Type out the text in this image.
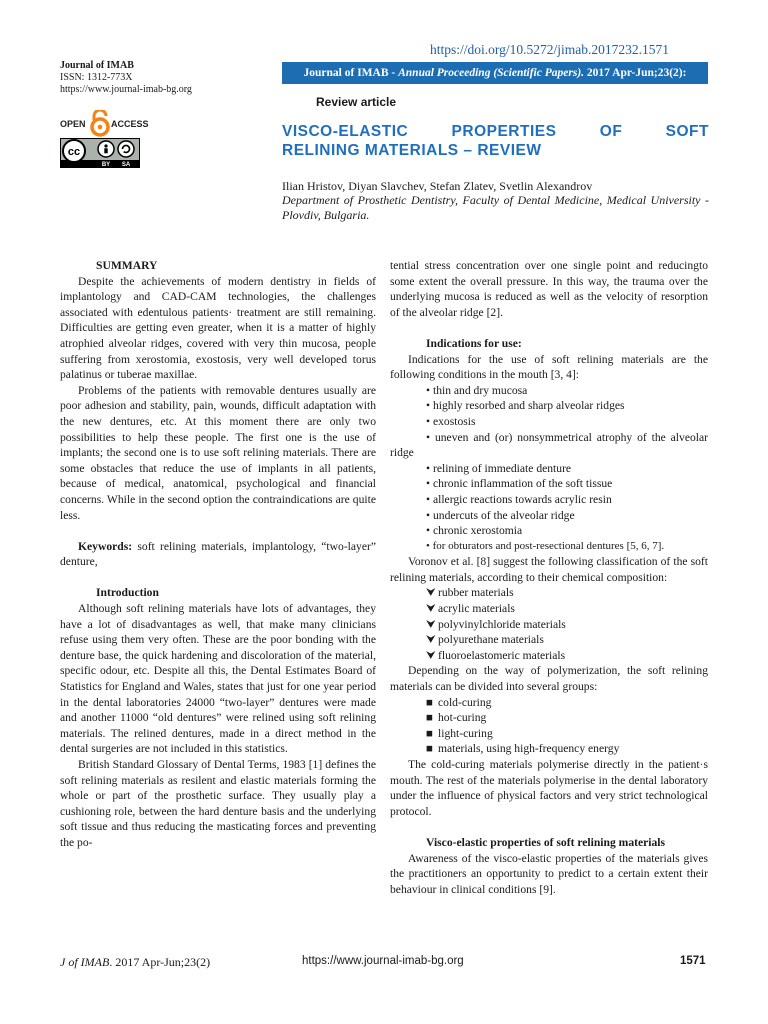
https://doi.org/10.5272/jimab.2017232.1571
Journal of IMAB - Annual Proceeding (Scientific Papers). 2017 Apr-Jun;23(2):
Journal of IMAB
ISSN: 1312-773X
https://www.journal-imab-bg.org
OPEN	ACCESS
cc
BY SA
Review article
VISCO-ELASTIC	PROPERTIES	OF	SOFT
RELINING MATERIALS – REVIEW
Ilian Hristov, Diyan Slavchev, Stefan Zlatev, Svetlin Alexandrov
Department of Prosthetic Dentistry, Faculty of Dental Medicine, Medical University - Plovdiv, Bulgaria.

SUMMARY

Despite the achievements of modern dentistry in fields of implantology and CAD-CAM technologies, the challenges associated with edentulous patients· treatment are still remaining. Difficulties are getting even greater, when it is a matter of highly atrophied alveolar ridges, covered with very thin mucosa, people suffering from xerostomia, exostosis, very well developed torus palatinus or tuberae maxillae.

Problems of the patients with removable dentures usually are poor adhesion and stability, pain, wounds, difficult adaptation with the new dentures, etc. At this moment there are only two possibilities to help these people. The first one is the use of implants; the second one is to use soft relining materials. There are some obstacles that reduce the use of implants in all patients, because of medical, anatomical, psychological and financial concerns. While in the second option the contraindications are quite less.

Keywords: soft relining materials, implantology, “two-layer” denture,

Introduction

Although soft relining materials have lots of advantages, they have a lot of disadvantages as well, that make many clinicians refuse using them very often. These are the poor bonding with the denture base, the quick hardening and discoloration of the material, specific odour, etc. Despite all this, the Dental Estimates Board of Statistics for England and Wales, states that just for one year period in the dental laboratories 24000 “two-layer” dentures were made and another 11000 “old dentures” were relined using soft relining materials. The relined dentures, made in a direct method in the dental surgeries are not included in this statistics.

British Standard Glossary of Dental Terms, 1983 [1] defines the soft relining materials as resilent and elastic materials forming the whole or part of the prosthetic surface. They usually play a cushioning role, between the hard denture basis and the underlying soft tissue and thus reducing the masticating forces and preventing the po-

tential stress concentration over one single point and reducingto some extent the overall pressure. In this way, the trauma over the underlying mucosa is reduced as well as the velocity of resorption of the alveolar ridge [2].

Indications for use:

Indications for the use of soft relining materials are the following conditions in the mouth [3, 4]:

• thin and dry mucosa

• highly resorbed and sharp alveolar ridges

• exostosis

• uneven and (or) nonsymmetrical atrophy of the alveolar ridge

• relining of immediate denture

• chronic inflammation of the soft tissue

• allergic reactions towards acrylic resin

• undercuts of the alveolar ridge

• chronic xerostomia

• for obturators and post-resectional dentures [5, 6, 7].

Voronov et al. [8] suggest the following classification of the soft relining materials, according to their chemical composition:

⮟ rubber materials

⮟ acrylic materials

⮟ polyvinylchloride materials

⮟ polyurethane materials

⮟ fluoroelastomeric materials

Depending on the way of polymerization, the soft relining materials can be divided into several groups:

■ cold-curing

■ hot-curing

■ light-curing

■ materials, using high-frequency energy

The cold-curing materials polymerise directly in the patient·s mouth. The rest of the materials polymerise in the dental laboratory under the influence of physical factors and very strict technological protocol.

Visco-elastic properties of soft relining materials

Awareness of the visco-elastic properties of the materials gives the practitioners an opportunity to predict to a certain extent their behaviour in clinical conditions [9].

J of IMAB. 2017 Apr-Jun;23(2)	https://www.journal-imab-bg.org	1571
